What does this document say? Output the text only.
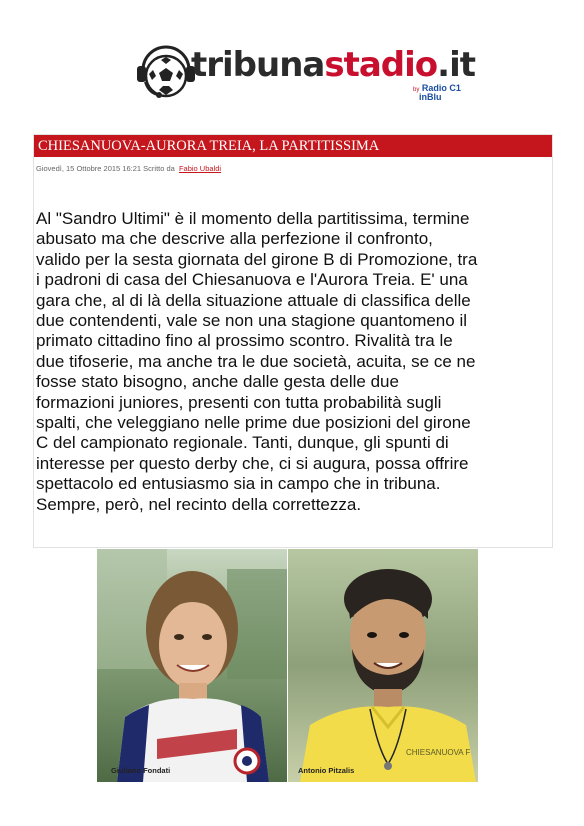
tribunastadio.it
by Radio C1
inBlu
CHIESANUOVA-AURORA TREIA, LA PARTITISSIMA
Giovedì, 15 Ottobre 2015 16:21 Scritto da Fabio Ubaldi
Al "Sandro Ultimi" è il momento della partitissima, termine
abusato ma che descrive alla perfezione il confronto,
valido per la sesta giornata del girone B di Promozione, tra
i padroni di casa del Chiesanuova e l'Aurora Treia. E' una
gara che, al di là della situazione attuale di classifica delle
due contendenti, vale se non una stagione quantomeno il
primato cittadino fino al prossimo scontro. Rivalità tra le
due tifoserie, ma anche tra le due società, acuita, se ce ne
fosse stato bisogno, anche dalle gesta delle due
formazioni juniores, presenti con tutta probabilità sugli
spalti, che veleggiano nelle prime due posizioni del girone
C del campionato regionale. Tanti, dunque, gli spunti di
interesse per questo derby che, ci si augura, possa offrire
spettacolo ed entusiasmo sia in campo che in tribuna.
Sempre, però, nel recinto della correttezza.
Giuliano Fondati
CHIESANUOVA F
Antonio Pitzalis
